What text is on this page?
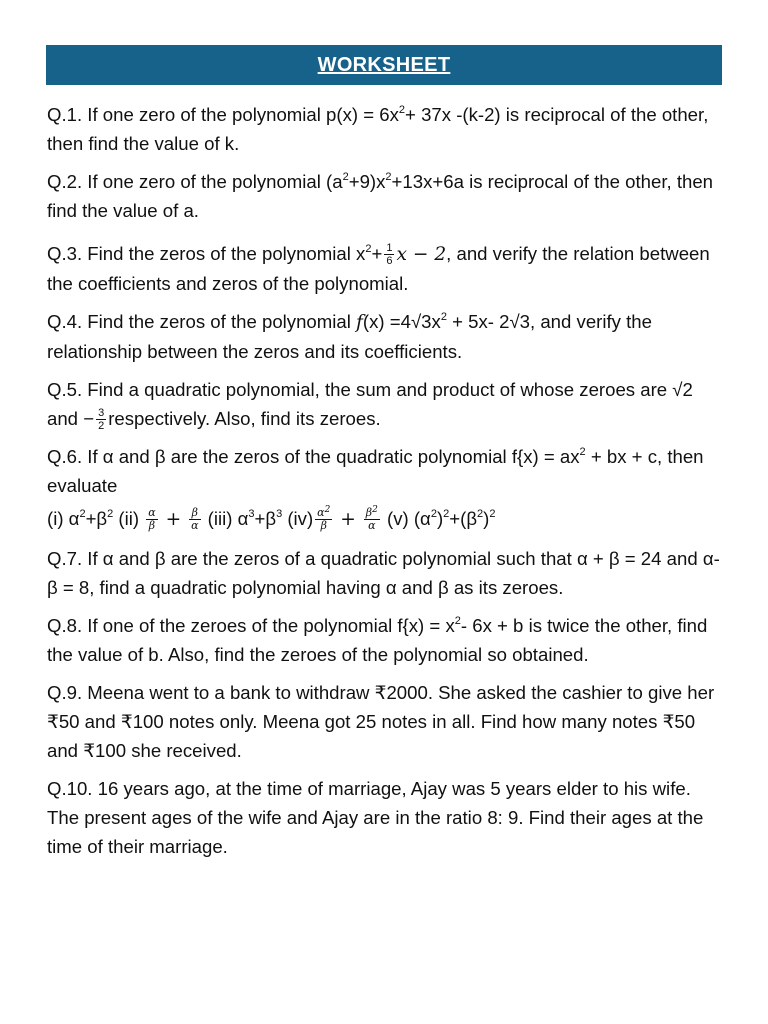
WORKSHEET

Q.1. If one zero of the polynomial $p(x) = 6x^2+ 37x$ -(k-2) is reciprocal of the other, then find the value of k.

Q.2. If one zero of the polynomial $(a^2+9)x^2+13x+6a$ is reciprocal of the other, then find the value of a.

Q.3. Find the zeros of the polynomial $x^2+ \frac{1}{6}$ x − 2, and verify the relation between the coefficients and zeros of the polynomial.

Q.4. Find the zeros of the polynomial $f(x) =4√3x^2 + 5x-$ 2√3, and verify the relationship between the zeros and its coefficients.

Q.5. Find a quadratic polynomial, the sum and product of whose zeroes are √2 and − $\frac{3}{2}$ respectively. Also, find its zeroes.

Q.6. If α and β are the zeros of the quadratic polynomial $f\{x) = ax^2$ + bx + c, then evaluate

(i) $\alpha^2+\beta^2$ $(ii) \frac{\alpha}{\beta} + \frac{\beta}{\alpha} (iii)$ $\alpha^3+\beta^3$ $(iv) \frac{\alpha^2}{\beta} + \frac{\beta^2}{\alpha} (v)$ $(\alpha^2)^2+(\beta^2)^2$

Q.7. If α and β are the zeros of a quadratic polynomial such that α + β = 24 and α- β = 8, find a quadratic polynomial having α and β as its zeroes.

Q.8. If one of the zeroes of the polynomial $f\{x) = x^2-$ 6x + b is twice the other, find the value of b. Also, find the zeroes of the polynomial so obtained.

Q.9. Meena went to a bank to withdraw ₹2000. She asked the cashier to give her ₹50 and ₹100 notes only. Meena got 25 notes in all. Find how many notes ₹50 and ₹100 she received.

Q.10. 16 years ago, at the time of marriage, Ajay was 5 years elder to his wife. The present ages of the wife and Ajay are in the ratio 8: 9. Find their ages at the time of their marriage.
